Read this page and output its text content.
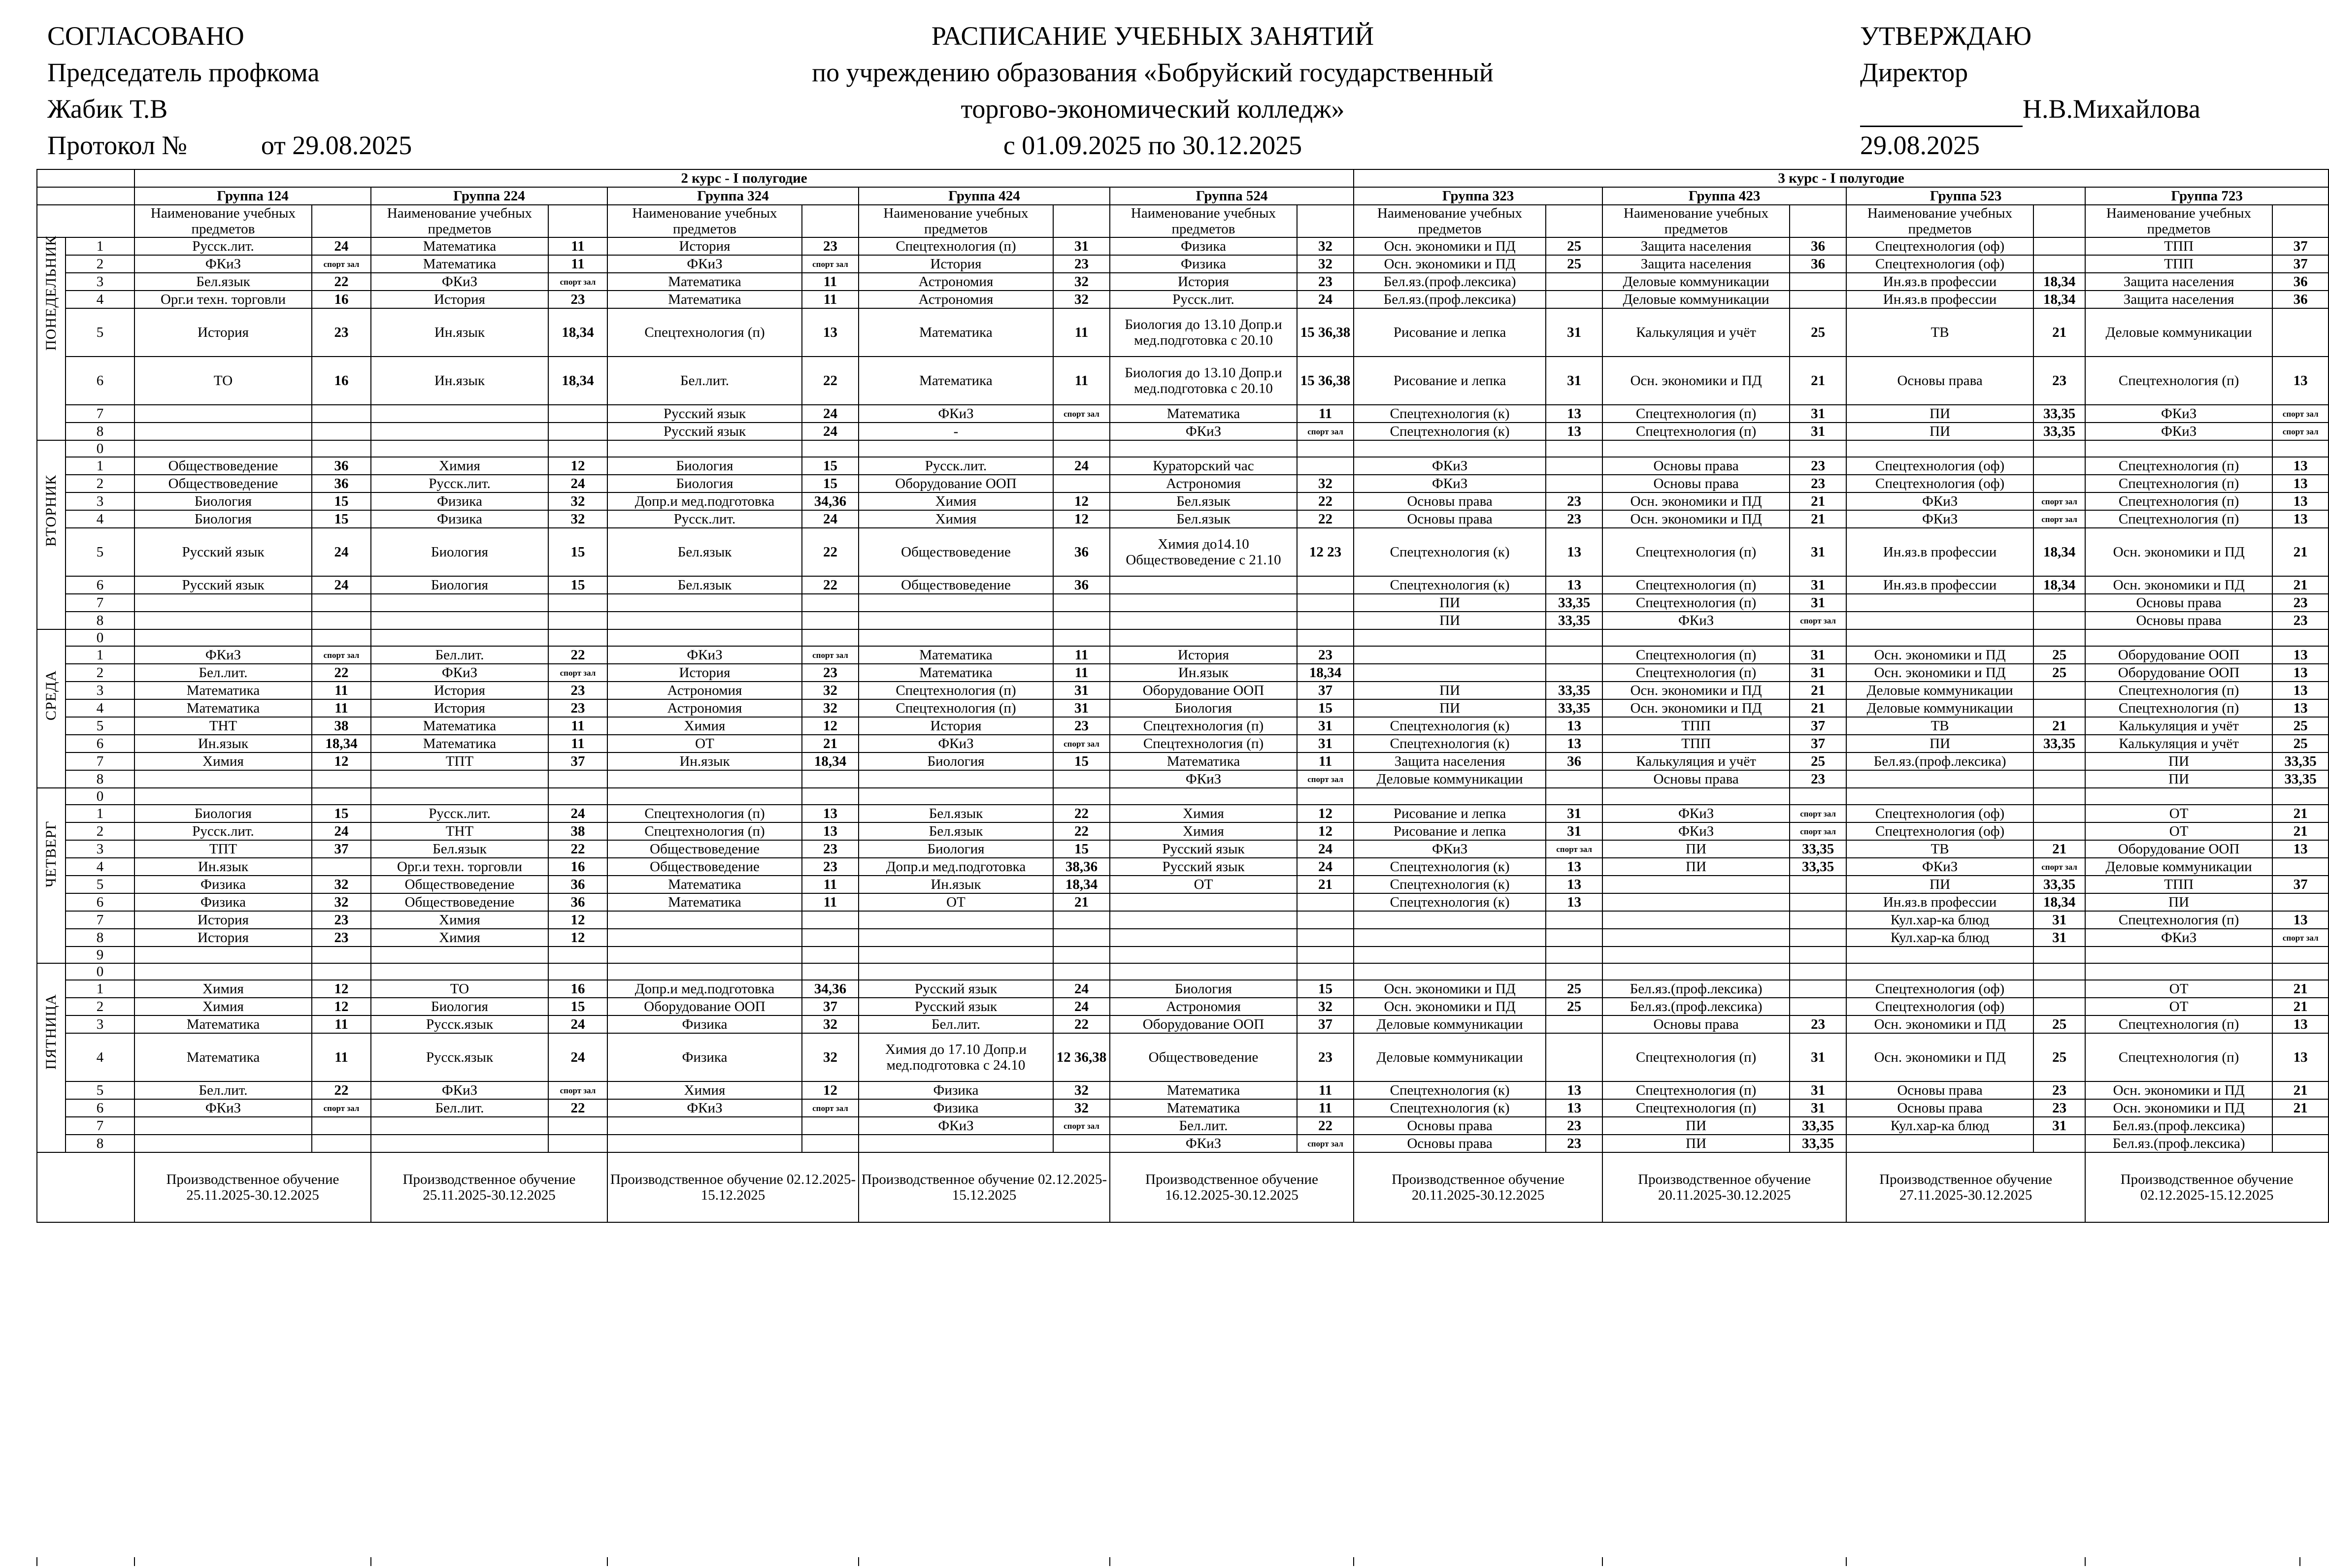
СОГЛАСОВАНО
Председатель профкома
Жабик Т.В
Протокол №	от 29.08.2025
РАСПИСАНИЕ УЧЕБНЫХ ЗАНЯТИЙ
по учреждению образования «Бобруйский государственный
торгово-экономический колледж»
с 01.09.2025 по 30.12.2025
УТВЕРЖДАЮ
Директор
Н.В.Михайлова
29.08.2025
		2 курс - I полугодие										3 курс - I полугодие							
		Группа 124		Группа 224		Группа 324		Группа 424		Группа 524		Группа 323		Группа 423		Группа 523		Группа 723	
		Наименование учебных предметов		Наименование учебных предметов		Наименование учебных предметов		Наименование учебных предметов		Наименование учебных предметов		Наименование учебных предметов		Наименование учебных предметов		Наименование учебных предметов		Наименование учебных предметов	

ПОНЕДЕЛЬНИК	1	Русск.лит.	24	Математика	11	История	23	Спецтехнология (п)	31	Физика	32	Осн. экономики и ПД	25	Защита населения	36	Спецтехнология (оф)		ТПП	37
	2	ФКиЗ	спорт зал	Математика	11	ФКиЗ	спорт зал	История	23	Физика	32	Осн. экономики и ПД	25	Защита населения	36	Спецтехнология (оф)		ТПП	37
	3	Бел.язык	22	ФКиЗ	спорт зал	Математика	11	Астрономия	32	История	23	Бел.яз.(проф.лексика)		Деловые коммуникации		Ин.яз.в профессии	18,34	Защита населения	36
	4	Орг.и техн. торговли	16	История	23	Математика	11	Астрономия	32	Русск.лит.	24	Бел.яз.(проф.лексика)		Деловые коммуникации		Ин.яз.в профессии	18,34	Защита населения	36
	5	История	23	Ин.язык	18,34	Спецтехнология (п)	13	Математика	11	Биология до 13.10 Допр.и мед.подготовка с 20.10	15 36,38	Рисование и лепка	31	Калькуляция и учёт	25	ТВ	21	Деловые коммуникации	
	6	ТО	16	Ин.язык	18,34	Бел.лит.	22	Математика	11	Биология до 13.10 Допр.и мед.подготовка с 20.10	15 36,38	Рисование и лепка	31	Осн. экономики и ПД	21	Основы права	23	Спецтехнология (п)	13
	7					Русский язык	24	ФКиЗ	спорт зал	Математика	11	Спецтехнология (к)	13	Спецтехнология (п)	31	ПИ	33,35	ФКиЗ	спорт зал

	8					Русский язык	24	-		ФКиЗ	спорт зал	Спецтехнология (к)	13	Спецтехнология (п)	31	ПИ	33,35	ФКиЗ	спорт зал

ВТОРНИК	0																		
	1	Обществоведение	36	Химия	12	Биология	15	Русск.лит.	24	Кураторский час		ФКиЗ		Основы права	23	Спецтехнология (оф)		Спецтехнология (п)	13
	2	Обществоведение	36	Русск.лит.	24	Биология	15	Оборудование ООП		Астрономия	32	ФКиЗ		Основы права	23	Спецтехнология (оф)		Спецтехнология (п)	13
	3	Биология	15	Физика	32	Допр.и мед.подготовка	34,36	Химия	12	Бел.язык	22	Основы права	23	Осн. экономики и ПД	21	ФКиЗ	спорт зал	Спецтехнология (п)	13
	4	Биология	15	Физика	32	Русск.лит.	24	Химия	12	Бел.язык	22	Основы права	23	Осн. экономики и ПД	21	ФКиЗ	спорт зал	Спецтехнология (п)	13
	5	Русский язык	24	Биология	15	Бел.язык	22	Обществоведение	36	Химия до14.10 Обществоведение с 21.10	12 23	Спецтехнология (к)	13	Спецтехнология (п)	31	Ин.яз.в профессии	18,34	Осн. экономики и ПД	21
	6	Русский язык	24	Биология	15	Бел.язык	22	Обществоведение	36			Спецтехнология (к)	13	Спецтехнология (п)	31	Ин.яз.в профессии	18,34	Осн. экономики и ПД	21
	7											ПИ	33,35	Спецтехнология (п)	31			Основы права	23
	8											ПИ	33,35	ФКиЗ	спорт зал			Основы права	23

СРЕДА	0																		
	1	ФКиЗ	спорт зал	Бел.лит.	22	ФКиЗ	спорт зал	Математика	11	История	23			Спецтехнология (п)	31	Осн. экономики и ПД	25	Оборудование ООП	13
	2	Бел.лит.	22	ФКиЗ	спорт зал	История	23	Математика	11	Ин.язык	18,34			Спецтехнология (п)	31	Осн. экономики и ПД	25	Оборудование ООП	13
	3	Математика	11	История	23	Астрономия	32	Спецтехнология (п)	31	Оборудование ООП	37	ПИ	33,35	Осн. экономики и ПД	21	Деловые коммуникации		Спецтехнология (п)	13
	4	Математика	11	История	23	Астрономия	32	Спецтехнология (п)	31	Биология	15	ПИ	33,35	Осн. экономики и ПД	21	Деловые коммуникации		Спецтехнология (п)	13
	5	ТНТ	38	Математика	11	Химия	12	История	23	Спецтехнология (п)	31	Спецтехнология (к)	13	ТПП	37	ТВ	21	Калькуляция и учёт	25
	6	Ин.язык	18,34	Математика	11	ОТ	21	ФКиЗ	спорт зал	Спецтехнология (п)	31	Спецтехнология (к)	13	ТПП	37	ПИ	33,35	Калькуляция и учёт	25
	7	Химия	12	ТПТ	37	Ин.язык	18,34	Биология	15	Математика	11	Защита населения	36	Калькуляция и учёт	25	Бел.яз.(проф.лексика)		ПИ	33,35
	8									ФКиЗ	спорт зал	Деловые коммуникации		Основы права	23			ПИ	33,35

ЧЕТВЕРГ	0																		
	1	Биология	15	Русск.лит.	24	Спецтехнология (п)	13	Бел.язык	22	Химия	12	Рисование и лепка	31	ФКиЗ	спорт зал	Спецтехнология (оф)		ОТ	21
	2	Русск.лит.	24	ТНТ	38	Спецтехнология (п)	13	Бел.язык	22	Химия	12	Рисование и лепка	31	ФКиЗ	спорт зал	Спецтехнология (оф)		ОТ	21
	3	ТПТ	37	Бел.язык	22	Обществоведение	23	Биология	15	Русский язык	24	ФКиЗ	спорт зал	ПИ	33,35	ТВ	21	Оборудование ООП	13
	4	Ин.язык		Орг.и техн. торговли	16	Обществоведение	23	Допр.и мед.подготовка	38,36	Русский язык	24	Спецтехнология (к)	13	ПИ	33,35	ФКиЗ	спорт зал	Деловые коммуникации	
	5	Физика	32	Обществоведение	36	Математика	11	Ин.язык	18,34	ОТ	21	Спецтехнология (к)	13			ПИ	33,35	ТПП	37
	6	Физика	32	Обществоведение	36	Математика	11	ОТ	21			Спецтехнология (к)	13			Ин.яз.в профессии	18,34	ПИ	
	7	История	23	Химия	12											Кул.хар-ка блюд	31	Спецтехнология (п)	13
	8	История	23	Химия	12											Кул.хар-ка блюд	31	ФКиЗ	спорт зал

	9																		

ПЯТНИЦА	0																		
	1	Химия	12	ТО	16	Допр.и мед.подготовка	34,36	Русский язык	24	Биология	15	Осн. экономики и ПД	25	Бел.яз.(проф.лексика)		Спецтехнология (оф)		ОТ	21
	2	Химия	12	Биология	15	Оборудование ООП	37	Русский язык	24	Астрономия	32	Осн. экономики и ПД	25	Бел.яз.(проф.лексика)		Спецтехнология (оф)		ОТ	21
	3	Математика	11	Русск.язык	24	Физика	32	Бел.лит.	22	Оборудование ООП	37	Деловые коммуникации		Основы права	23	Осн. экономики и ПД	25	Спецтехнология (п)	13
	4	Математика	11	Русск.язык	24	Физика	32	Химия до 17.10 Допр.и мед.подготовка с 24.10	12 36,38	Обществоведение	23	Деловые коммуникации		Спецтехнология (п)	31	Осн. экономики и ПД	25	Спецтехнология (п)	13
	5	Бел.лит.	22	ФКиЗ	спорт зал	Химия	12	Физика	32	Математика	11	Спецтехнология (к)	13	Спецтехнология (п)	31	Основы права	23	Осн. экономики и ПД	21
	6	ФКиЗ	спорт зал	Бел.лит.	22	ФКиЗ	спорт зал	Физика	32	Математика	11	Спецтехнология (к)	13	Спецтехнология (п)	31	Основы права	23	Осн. экономики и ПД	21
	7							ФКиЗ	спорт зал	Бел.лит.	22	Основы права	23	ПИ	33,35	Кул.хар-ка блюд	31	Бел.яз.(проф.лексика)	
	8									ФКиЗ	спорт зал	Основы права	23	ПИ	33,35			Бел.яз.(проф.лексика)	
		Производственное обучение 25.11.2025-30.12.2025		Производственное обучение 25.11.2025-30.12.2025		Производственное обучение 02.12.2025-15.12.2025		Производственное обучение 02.12.2025-15.12.2025		Производственное обучение 16.12.2025-30.12.2025		Производственное обучение 20.11.2025-30.12.2025		Производственное обучение 20.11.2025-30.12.2025		Производственное обучение 27.11.2025-30.12.2025		Производственное обучение 02.12.2025-15.12.2025	
